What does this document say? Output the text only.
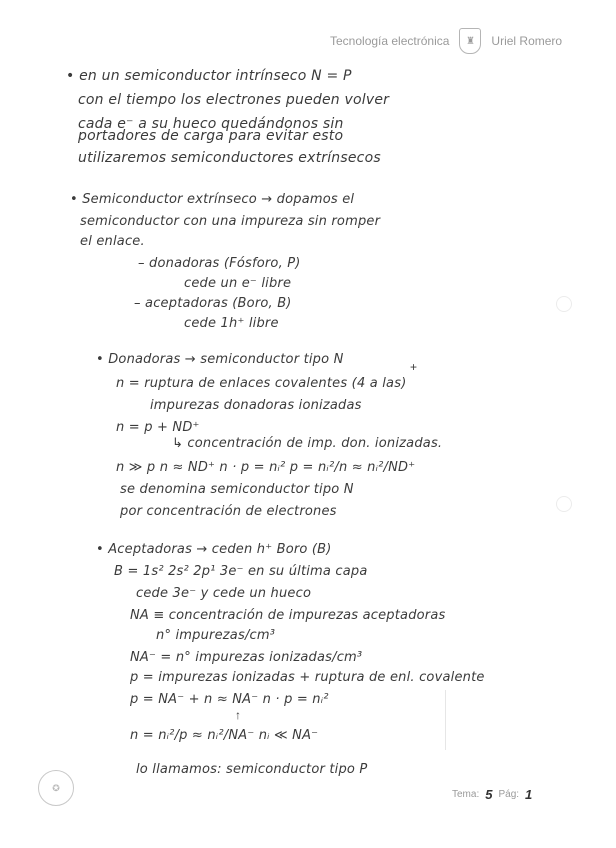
Tecnología electrónica	♜	Uriel Romero
• en un semiconductor intrínseco N = P
con el tiempo los electrones pueden volver
cada e⁻ a su hueco quedándonos sin
portadores de carga para evitar esto
utilizaremos semiconductores extrínsecos
• Semiconductor extrínseco → dopamos el
semiconductor con una impureza sin romper
el enlace.
– donadoras (Fósforo, P)
cede un e⁻ libre
– aceptadoras (Boro, B)
cede 1h⁺ libre
• Donadoras → semiconductor tipo N	+
n = ruptura de enlaces covalentes (4 a las)
impurezas donadoras ionizadas
n = p + ND⁺
↳ concentración de imp. don. ionizadas.
n ≫ p n ≈ ND⁺ n · p = nᵢ² p = nᵢ²/n ≈ nᵢ²/ND⁺
se denomina semiconductor tipo N
por concentración de electrones
• Aceptadoras → ceden h⁺ Boro (B)
B = 1s² 2s² 2p¹ 3e⁻ en su última capa
cede 3e⁻ y cede un hueco
NA ≡ concentración de impurezas aceptadoras
n° impurezas/cm³
NA⁻ = n° impurezas ionizadas/cm³
p = impurezas ionizadas + ruptura de enl. covalente
p = NA⁻ + n ≈ NA⁻ n · p = nᵢ²
↑
n = nᵢ²/p ≈ nᵢ²/NA⁻ nᵢ ≪ NA⁻
lo llamamos: semiconductor tipo P
✪
Tema: 5 Pág: 1
